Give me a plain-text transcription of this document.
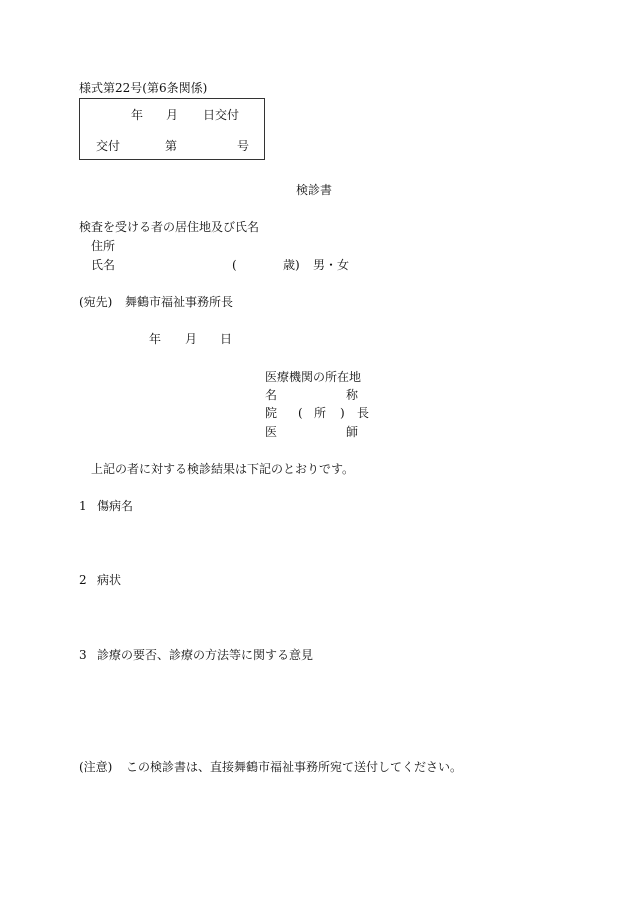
様式第22号(第6条関係)
年 月 日交付
交付	第	号
検診書
検査を受ける者の居住地及び氏名
住所
氏名	(	歳) 男・女
(宛先) 舞鶴市福祉事務所長
年 月 日
医療機関の所在地
名	称
院 ( 所 ) 長
医	師
上記の者に対する検診結果は下記のとおりです。
1 傷病名
2 病状
3 診療の要否、診療の方法等に関する意見
(注意) この検診書は、直接舞鶴市福祉事務所宛て送付してください。
